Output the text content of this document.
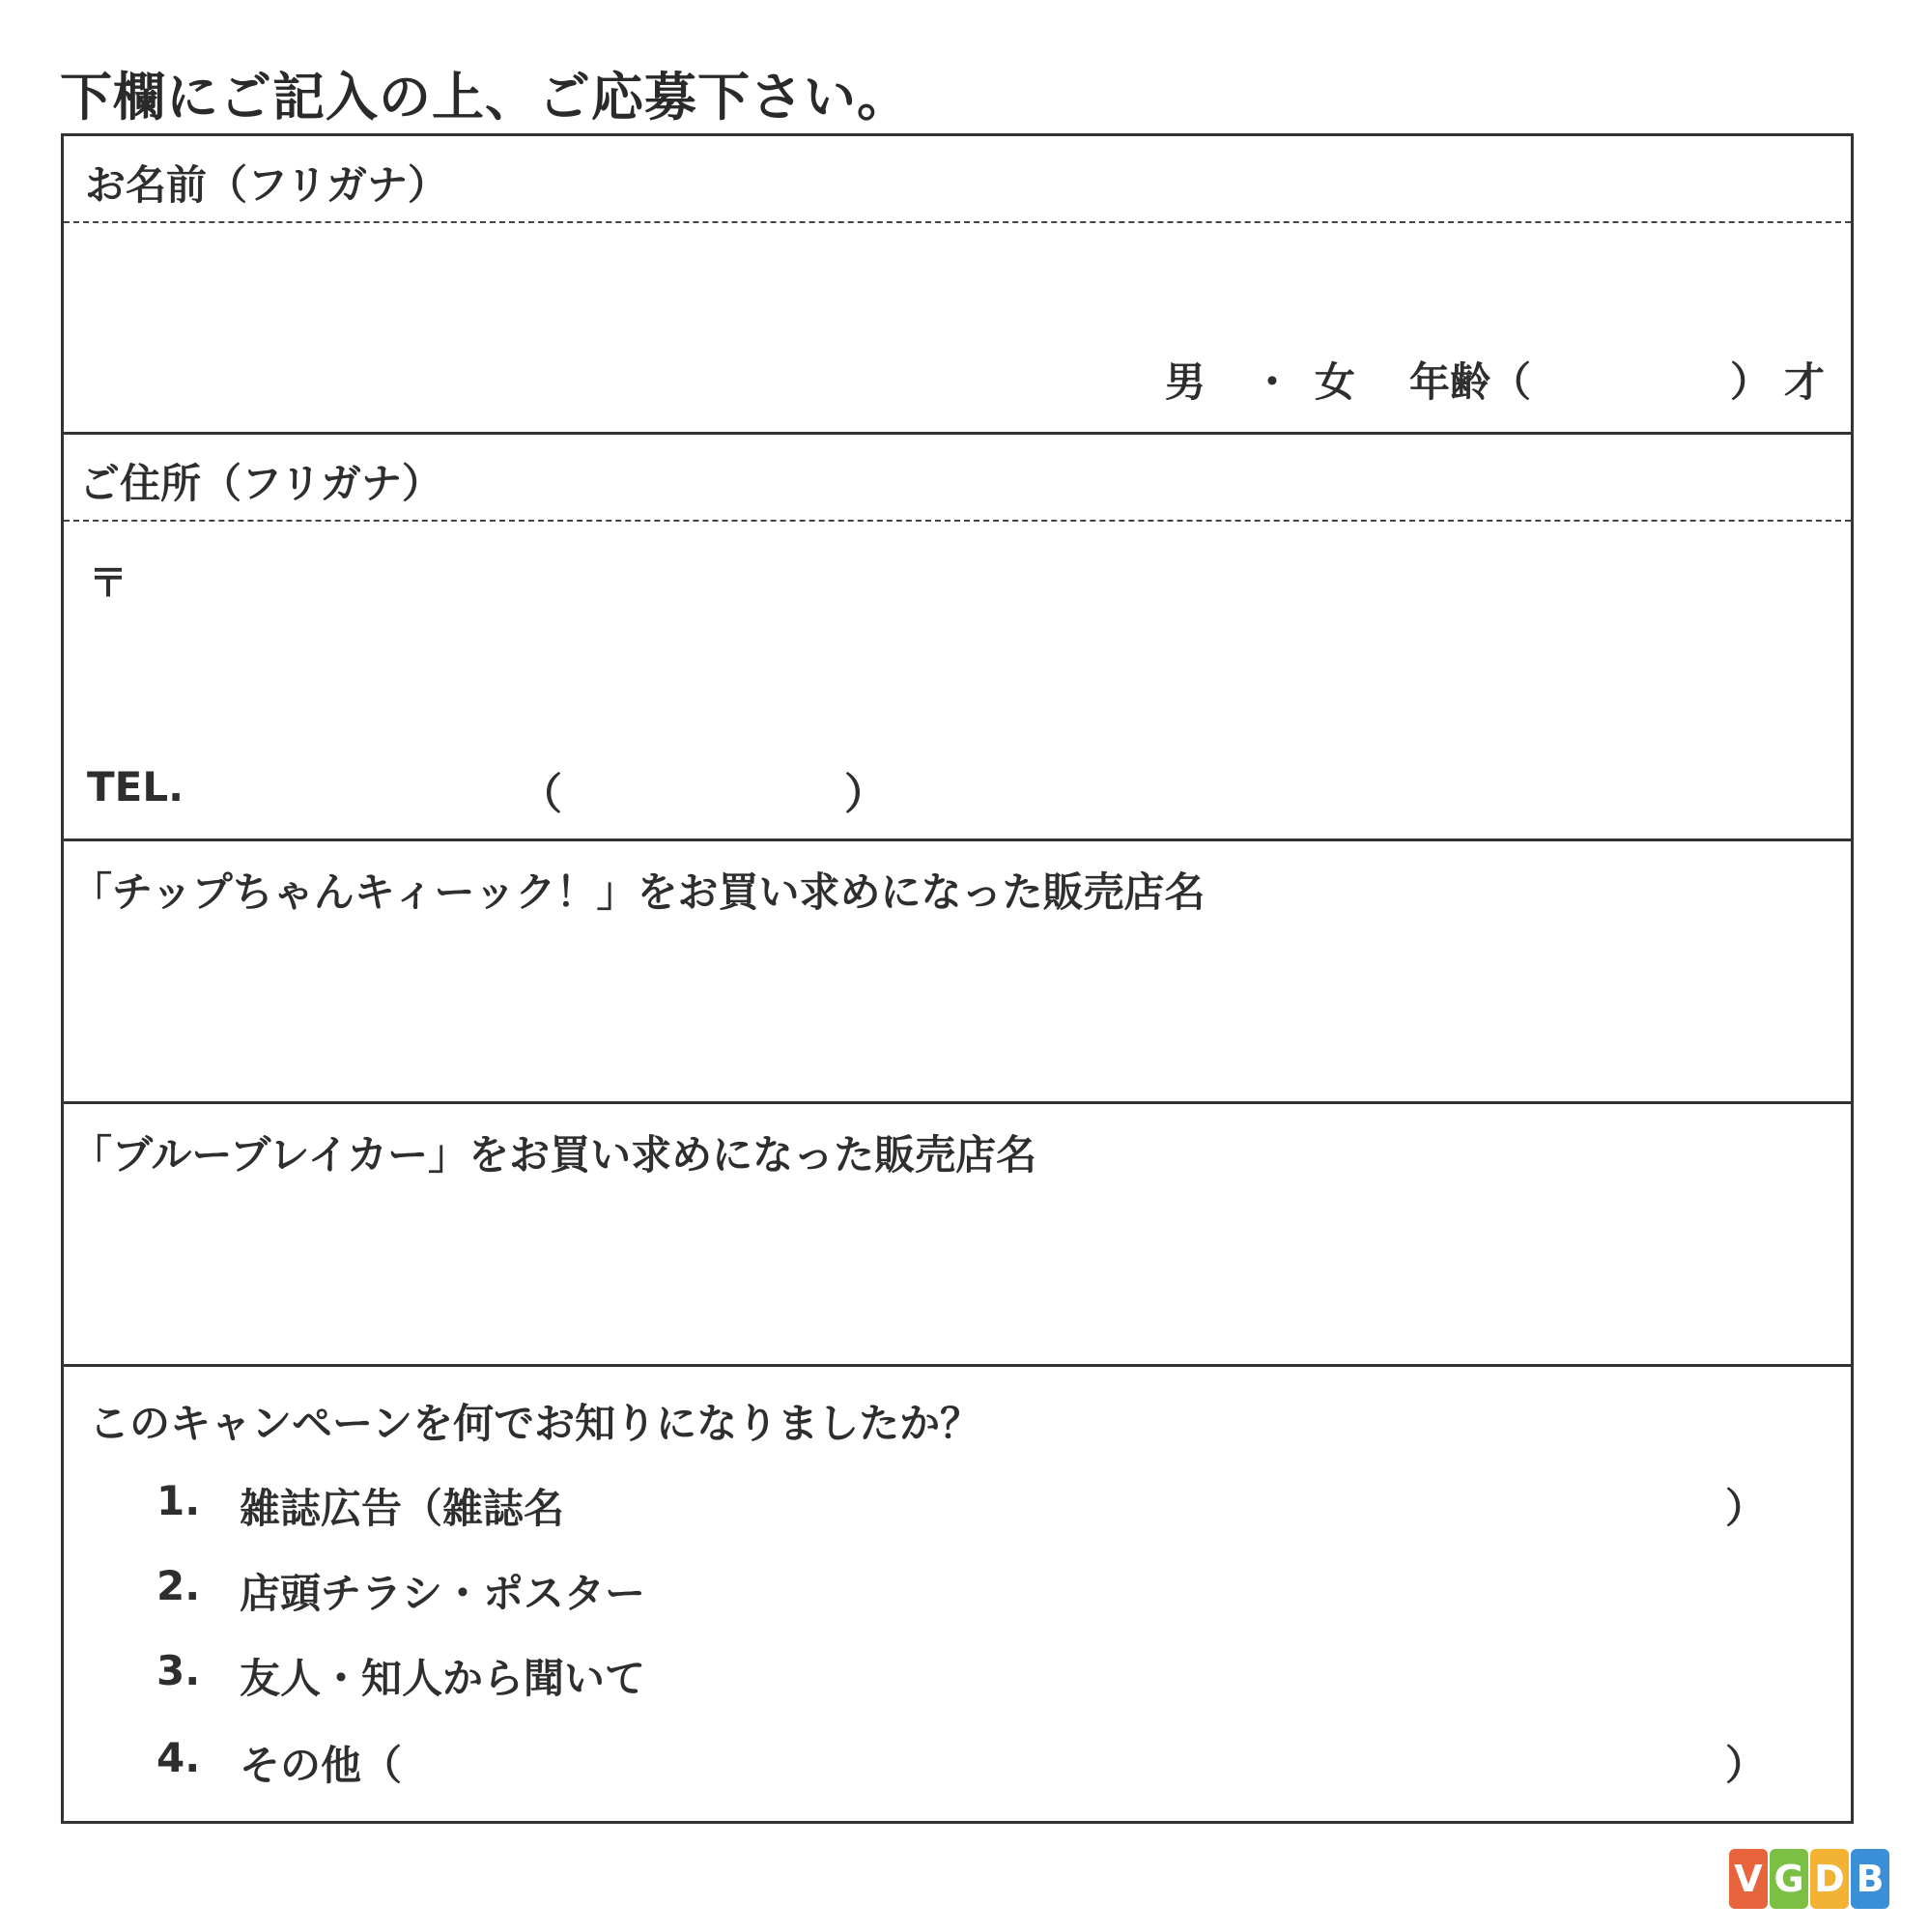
下欄にご記入の上、ご応募下さい。
お名前（フリガナ）
男 ・ 女 年齢（	） 才
ご住所（フリガナ）
〒
TEL.	（	）
「チップちゃんキィーック！」をお買い求めになった販売店名
「ブルーブレイカー」をお買い求めになった販売店名
このキャンペーンを何でお知りになりましたか？
1. 雑誌広告（雑誌名	）
2. 店頭チラシ・ポスター
3. 友人・知人から聞いて
4. その他（	）
V G D B
